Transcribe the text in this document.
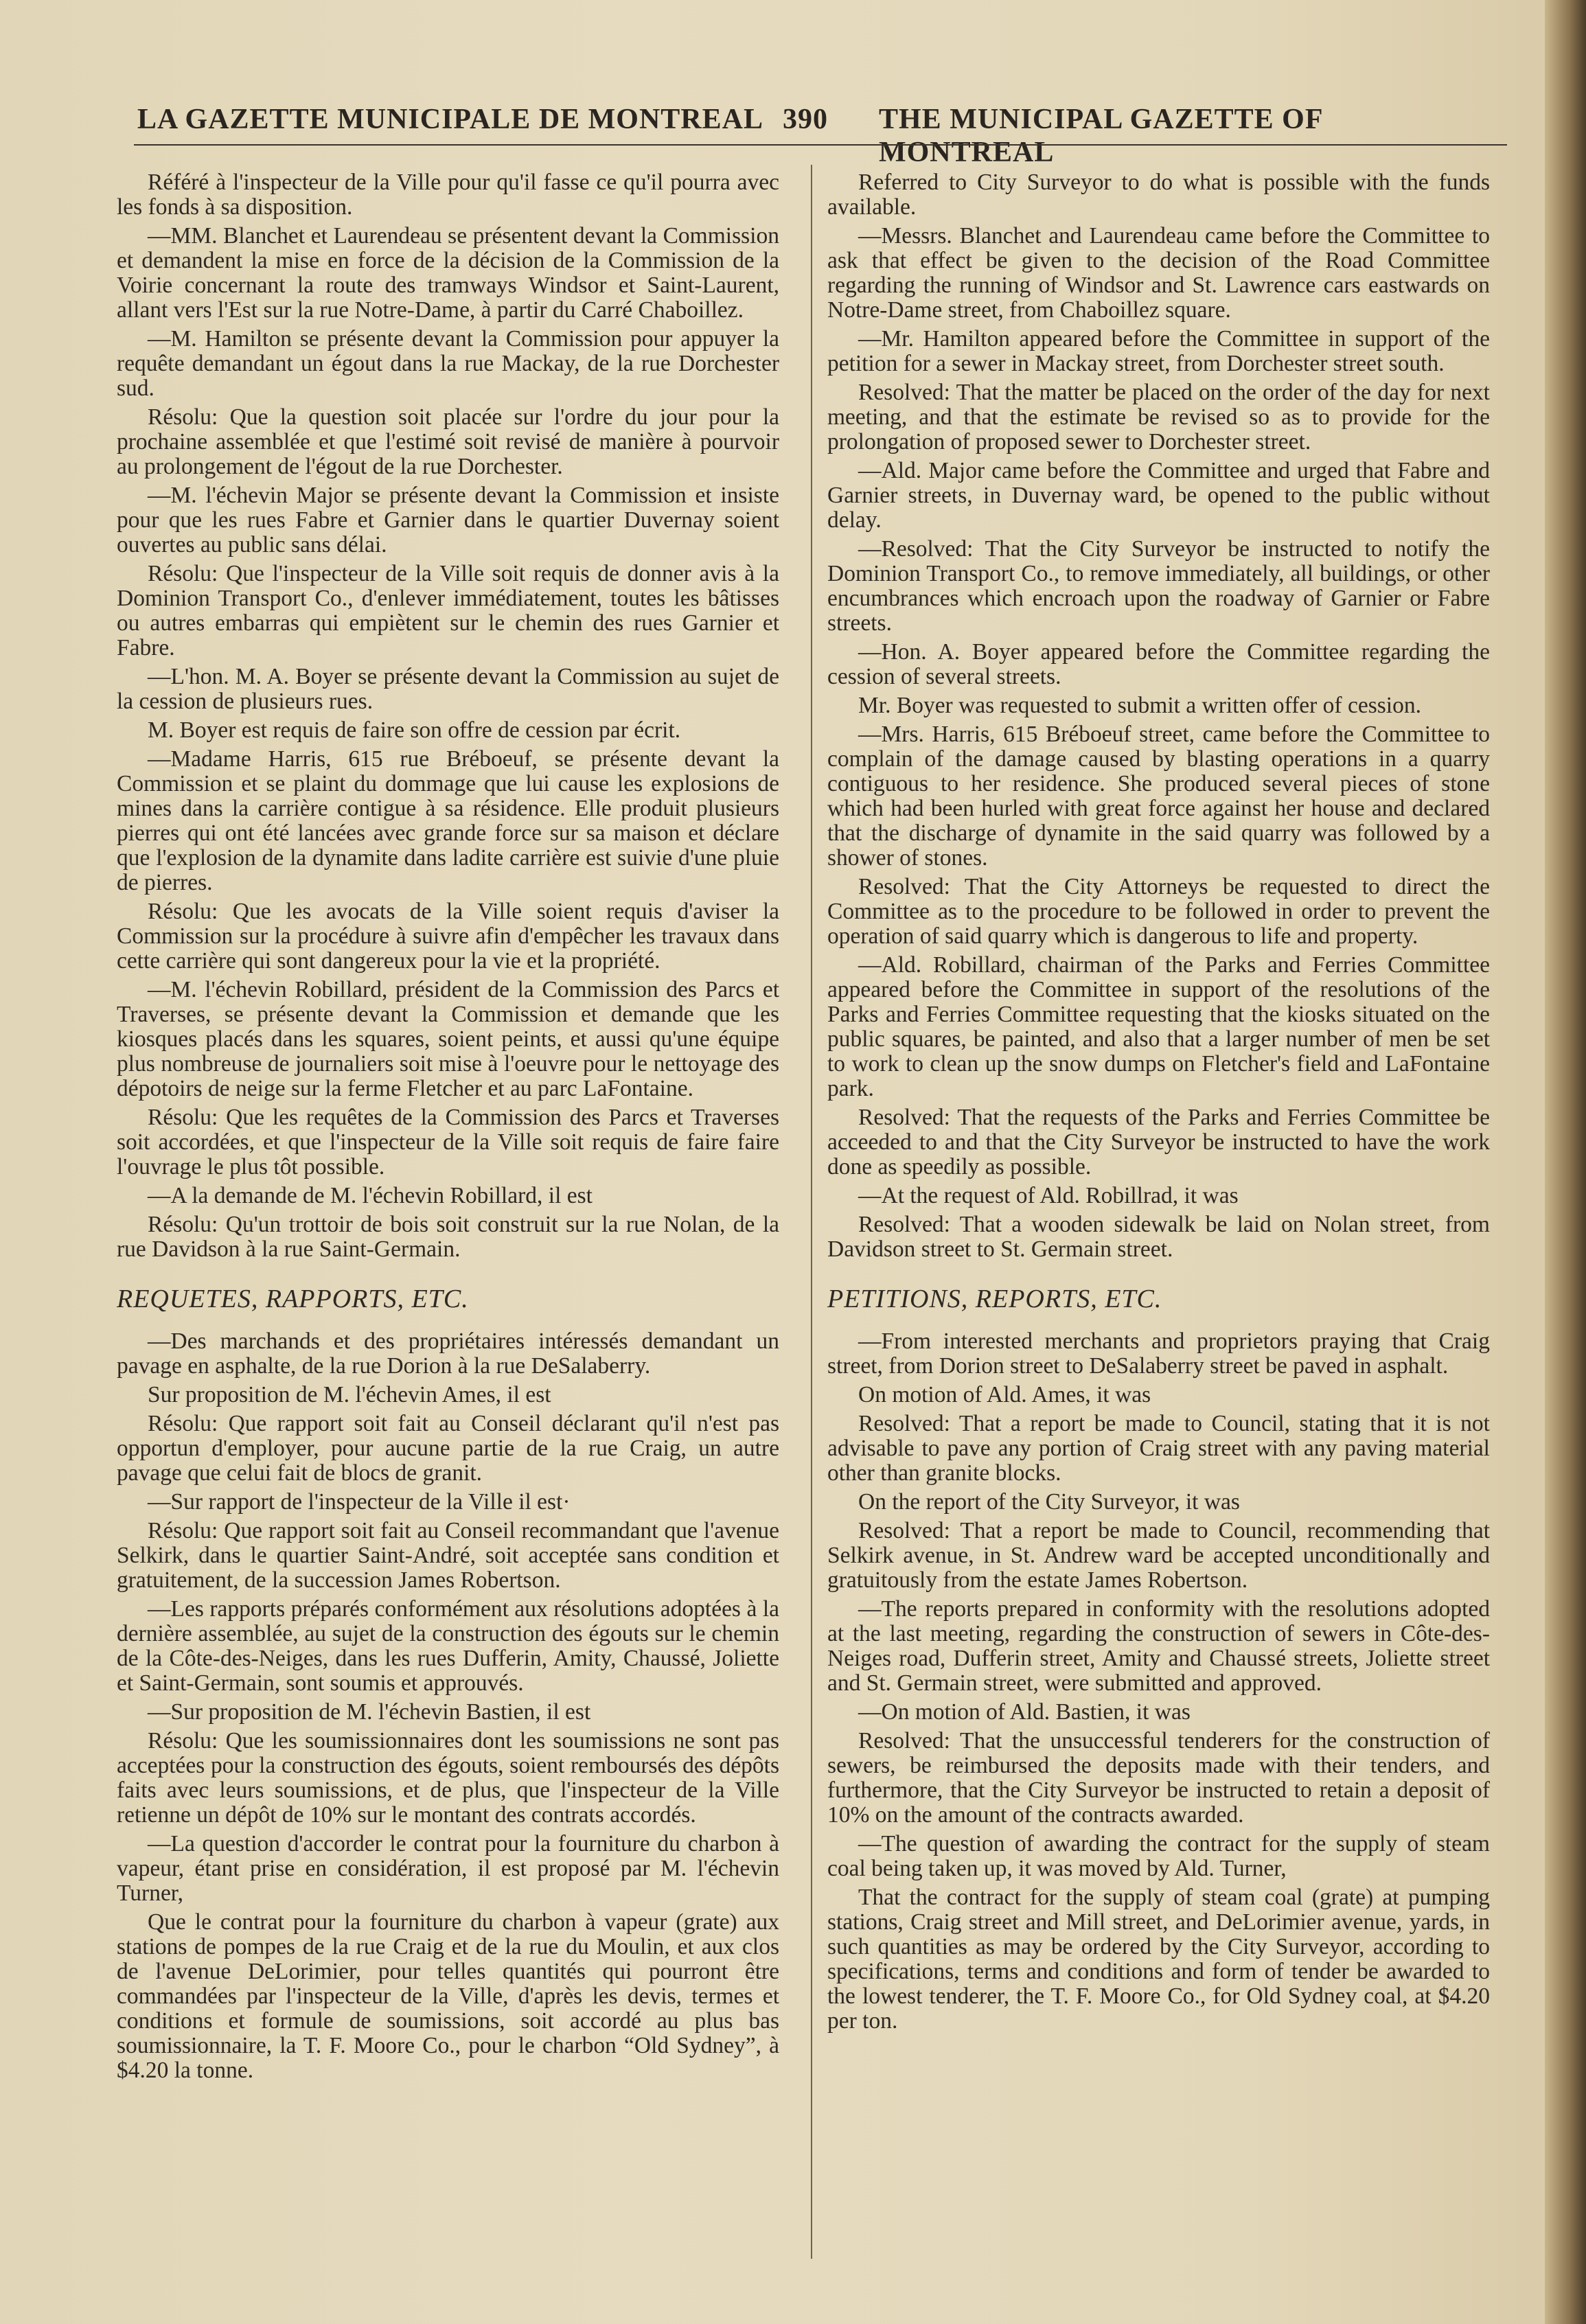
LA GAZETTE MUNICIPALE DE MONTREAL 390 THE MUNICIPAL GAZETTE OF MONTREAL

Référé à l'inspecteur de la Ville pour qu'il fasse ce qu'il pourra avec les fonds à sa disposition.

—MM. Blanchet et Laurendeau se présentent devant la Commission et demandent la mise en force de la décision de la Commission de la Voirie concernant la route des tramways Windsor et Saint-Laurent, allant vers l'Est sur la rue Notre-Dame, à partir du Carré Chaboillez.

—M. Hamilton se présente devant la Commission pour appuyer la requête demandant un égout dans la rue Mackay, de la rue Dorchester sud.

Résolu: Que la question soit placée sur l'ordre du jour pour la prochaine assemblée et que l'estimé soit revisé de manière à pourvoir au prolongement de l'égout de la rue Dorchester.

—M. l'échevin Major se présente devant la Commission et insiste pour que les rues Fabre et Garnier dans le quartier Duvernay soient ouvertes au public sans délai.

Résolu: Que l'inspecteur de la Ville soit requis de donner avis à la Dominion Transport Co., d'enlever immédiatement, toutes les bâtisses ou autres embarras qui empiètent sur le chemin des rues Garnier et Fabre.

—L'hon. M. A. Boyer se présente devant la Commission au sujet de la cession de plusieurs rues.

M. Boyer est requis de faire son offre de cession par écrit.

—Madame Harris, 615 rue Bréboeuf, se présente devant la Commission et se plaint du dommage que lui cause les explosions de mines dans la carrière contigue à sa résidence. Elle produit plusieurs pierres qui ont été lancées avec grande force sur sa maison et déclare que l'explosion de la dynamite dans ladite carrière est suivie d'une pluie de pierres.

Résolu: Que les avocats de la Ville soient requis d'aviser la Commission sur la procédure à suivre afin d'empêcher les travaux dans cette carrière qui sont dangereux pour la vie et la propriété.

—M. l'échevin Robillard, président de la Commission des Parcs et Traverses, se présente devant la Commission et demande que les kiosques placés dans les squares, soient peints, et aussi qu'une équipe plus nombreuse de journaliers soit mise à l'oeuvre pour le nettoyage des dépotoirs de neige sur la ferme Fletcher et au parc LaFontaine.

Résolu: Que les requêtes de la Commission des Parcs et Traverses soit accordées, et que l'inspecteur de la Ville soit requis de faire faire l'ouvrage le plus tôt possible.

—A la demande de M. l'échevin Robillard, il est

Résolu: Qu'un trottoir de bois soit construit sur la rue Nolan, de la rue Davidson à la rue Saint-Germain.

REQUETES, RAPPORTS, ETC.

—Des marchands et des propriétaires intéressés demandant un pavage en asphalte, de la rue Dorion à la rue DeSalaberry.

Sur proposition de M. l'échevin Ames, il est

Résolu: Que rapport soit fait au Conseil déclarant qu'il n'est pas opportun d'employer, pour aucune partie de la rue Craig, un autre pavage que celui fait de blocs de granit.

—Sur rapport de l'inspecteur de la Ville il est·

Résolu: Que rapport soit fait au Conseil recommandant que l'avenue Selkirk, dans le quartier Saint-André, soit acceptée sans condition et gratuitement, de la succession James Robertson.

—Les rapports préparés conformément aux résolutions adoptées à la dernière assemblée, au sujet de la construction des égouts sur le chemin de la Côte-des-Neiges, dans les rues Dufferin, Amity, Chaussé, Joliette et Saint-Germain, sont soumis et approuvés.

—Sur proposition de M. l'échevin Bastien, il est

Résolu: Que les soumissionnaires dont les soumissions ne sont pas acceptées pour la construction des égouts, soient remboursés des dépôts faits avec leurs soumissions, et de plus, que l'inspecteur de la Ville retienne un dépôt de 10% sur le montant des contrats accordés.

—La question d'accorder le contrat pour la fourniture du charbon à vapeur, étant prise en considération, il est proposé par M. l'échevin Turner,

Que le contrat pour la fourniture du charbon à vapeur (grate) aux stations de pompes de la rue Craig et de la rue du Moulin, et aux clos de l'avenue DeLorimier, pour telles quantités qui pourront être commandées par l'inspecteur de la Ville, d'après les devis, termes et conditions et formule de soumissions, soit accordé au plus bas soumissionnaire, la T. F. Moore Co., pour le charbon “Old Sydney”, à $4.20 la tonne.

Referred to City Surveyor to do what is possible with the funds available.

—Messrs. Blanchet and Laurendeau came before the Committee to ask that effect be given to the decision of the Road Committee regarding the running of Windsor and St. Lawrence cars eastwards on Notre-Dame street, from Chaboillez square.

—Mr. Hamilton appeared before the Committee in support of the petition for a sewer in Mackay street, from Dorchester street south.

Resolved: That the matter be placed on the order of the day for next meeting, and that the estimate be revised so as to provide for the prolongation of proposed sewer to Dorchester street.

—Ald. Major came before the Committee and urged that Fabre and Garnier streets, in Duvernay ward, be opened to the public without delay.

—Resolved: That the City Surveyor be instructed to notify the Dominion Transport Co., to remove immediately, all buildings, or other encumbrances which encroach upon the roadway of Garnier or Fabre streets.

—Hon. A. Boyer appeared before the Committee regarding the cession of several streets.

Mr. Boyer was requested to submit a written offer of cession.

—Mrs. Harris, 615 Bréboeuf street, came before the Committee to complain of the damage caused by blasting operations in a quarry contiguous to her residence. She produced several pieces of stone which had been hurled with great force against her house and declared that the discharge of dynamite in the said quarry was followed by a shower of stones.

Resolved: That the City Attorneys be requested to direct the Committee as to the procedure to be followed in order to prevent the operation of said quarry which is dangerous to life and property.

—Ald. Robillard, chairman of the Parks and Ferries Committee appeared before the Committee in support of the resolutions of the Parks and Ferries Committee requesting that the kiosks situated on the public squares, be painted, and also that a larger number of men be set to work to clean up the snow dumps on Fletcher's field and LaFontaine park.

Resolved: That the requests of the Parks and Ferries Committee be acceeded to and that the City Surveyor be instructed to have the work done as speedily as possible.

—At the request of Ald. Robillrad, it was

Resolved: That a wooden sidewalk be laid on Nolan street, from Davidson street to St. Germain street.

PETITIONS, REPORTS, ETC.

—From interested merchants and proprietors praying that Craig street, from Dorion street to DeSalaberry street be paved in asphalt.

On motion of Ald. Ames, it was

Resolved: That a report be made to Council, stating that it is not advisable to pave any portion of Craig street with any paving material other than granite blocks.

On the report of the City Surveyor, it was

Resolved: That a report be made to Council, recommending that Selkirk avenue, in St. Andrew ward be accepted unconditionally and gratuitously from the estate James Robertson.

—The reports prepared in conformity with the resolutions adopted at the last meeting, regarding the construction of sewers in Côte-des-Neiges road, Dufferin street, Amity and Chaussé streets, Joliette street and St. Germain street, were submitted and approved.

—On motion of Ald. Bastien, it was

Resolved: That the unsuccessful tenderers for the construction of sewers, be reimbursed the deposits made with their tenders, and furthermore, that the City Surveyor be instructed to retain a deposit of 10% on the amount of the contracts awarded.

—The question of awarding the contract for the supply of steam coal being taken up, it was moved by Ald. Turner,

That the contract for the supply of steam coal (grate) at pumping stations, Craig street and Mill street, and DeLorimier avenue, yards, in such quantities as may be ordered by the City Surveyor, according to specifications, terms and conditions and form of tender be awarded to the lowest tenderer, the T. F. Moore Co., for Old Sydney coal, at $4.20 per ton.
